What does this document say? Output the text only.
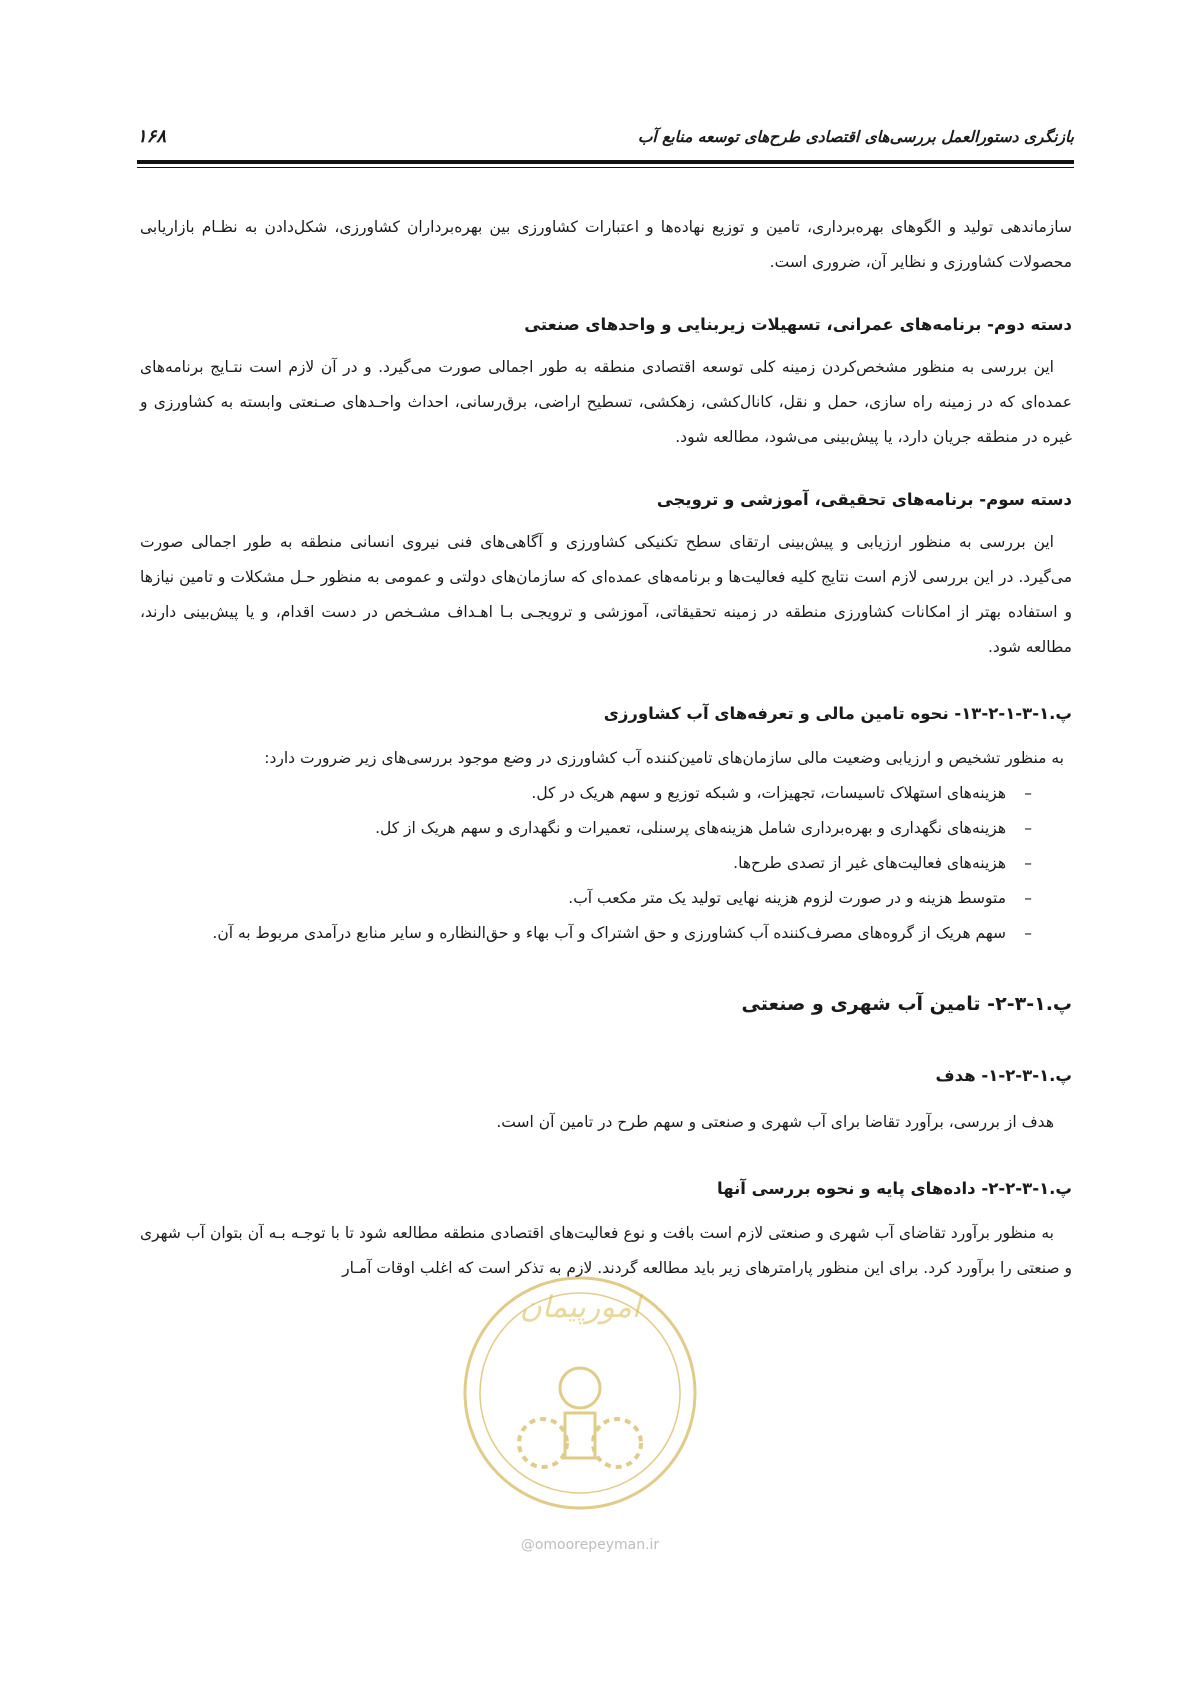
بازنگری دستورالعمل بررسی‌های اقتصادی طرح‌های توسعه منابع آب
۱۶۸

سازماندهی تولید و الگوهای بهره‌برداری، تامین و توزیع نهاده‌ها و اعتبارات کشاورزی بین بهره‌برداران کشاورزی، شکل‌دادن به نظـام بازاریابی محصولات کشاورزی و نظایر آن، ضروری است.

دسته دوم- برنامه‌های عمرانی، تسهیلات زیربنایی و واحدهای صنعتی

این بررسی به منظور مشخص‌کردن زمینه کلی توسعه اقتصادی منطقه به طور اجمالی صورت می‌گیرد. و در آن لازم است نتـایج برنامه‌های عمده‌ای که در زمینه راه سازی، حمل و نقل، کانال‌کشی، زهکشی، تسطیح اراضی، برق‌رسانی، احداث واحـدهای صـنعتی وابسته به کشاورزی و غیره در منطقه جریان دارد، یا پیش‌بینی می‌شود، مطالعه شود.

دسته سوم- برنامه‌های تحقیقی، آموزشی و ترویجی

این بررسی به منظور ارزیابی و پیش‌بینی ارتقای سطح تکنیکی کشاورزی و آگاهی‌های فنی نیروی انسانی منطقه به طور اجمالی صورت می‌گیرد. در این بررسی لازم است نتایج کلیه فعالیت‌ها و برنامه‌های عمده‌ای که سازمان‌های دولتی و عمومی به منظور حـل مشکلات و تامین نیازها و استفاده بهتر از امکانات کشاورزی منطقه در زمینه تحقیقاتی، آموزشی و ترویجـی بـا اهـداف مشـخص در دست اقدام، و یا پیش‌بینی دارند، مطالعه شود.

پ.۱-۳-۱-۲-۱۳- نحوه تامین مالی و تعرفه‌های آب کشاورزی

به منظور تشخیص و ارزیابی وضعیت مالی سازمان‌های تامین‌کننده آب کشاورزی در وضع موجود بررسی‌های زیر ضرورت دارد:

–
هزینه‌های استهلاک تاسیسات، تجهیزات، و شبکه توزیع و سهم هریک در کل.
–
هزینه‌های نگهداری و بهره‌برداری شامل هزینه‌های پرسنلی، تعمیرات و نگهداری و سهم هریک از کل.
–
هزینه‌های فعالیت‌های غیر از تصدی طرح‌ها.
–
متوسط هزینه و در صورت لزوم هزینه نهایی تولید یک متر مکعب آب.
–
سهم هریک از گروه‌های مصرف‌کننده آب کشاورزی و حق اشتراک و آب بهاء و حق‌النظاره و سایر منابع درآمدی مربوط به آن.
پ.۱-۳-۲- تامین آب شهری و صنعتی
پ.۱-۳-۲-۱- هدف

هدف از بررسی، برآورد تقاضا برای آب شهری و صنعتی و سهم طرح در تامین آن است.

پ.۱-۳-۲-۲- داده‌های پایه و نحوه بررسی آنها

به منظور برآورد تقاضای آب شهری و صنعتی لازم است بافت و نوع فعالیت‌های اقتصادی منطقه مطالعه شود تا با توجـه بـه آن بتوان آب شهری و صنعتی را برآورد کرد. برای این منظور پارامترهای زیر باید مطالعه گردند. لازم به تذکر است که اغلب اوقات آمـار

امورپیمان
@omoorepeyman.ir
